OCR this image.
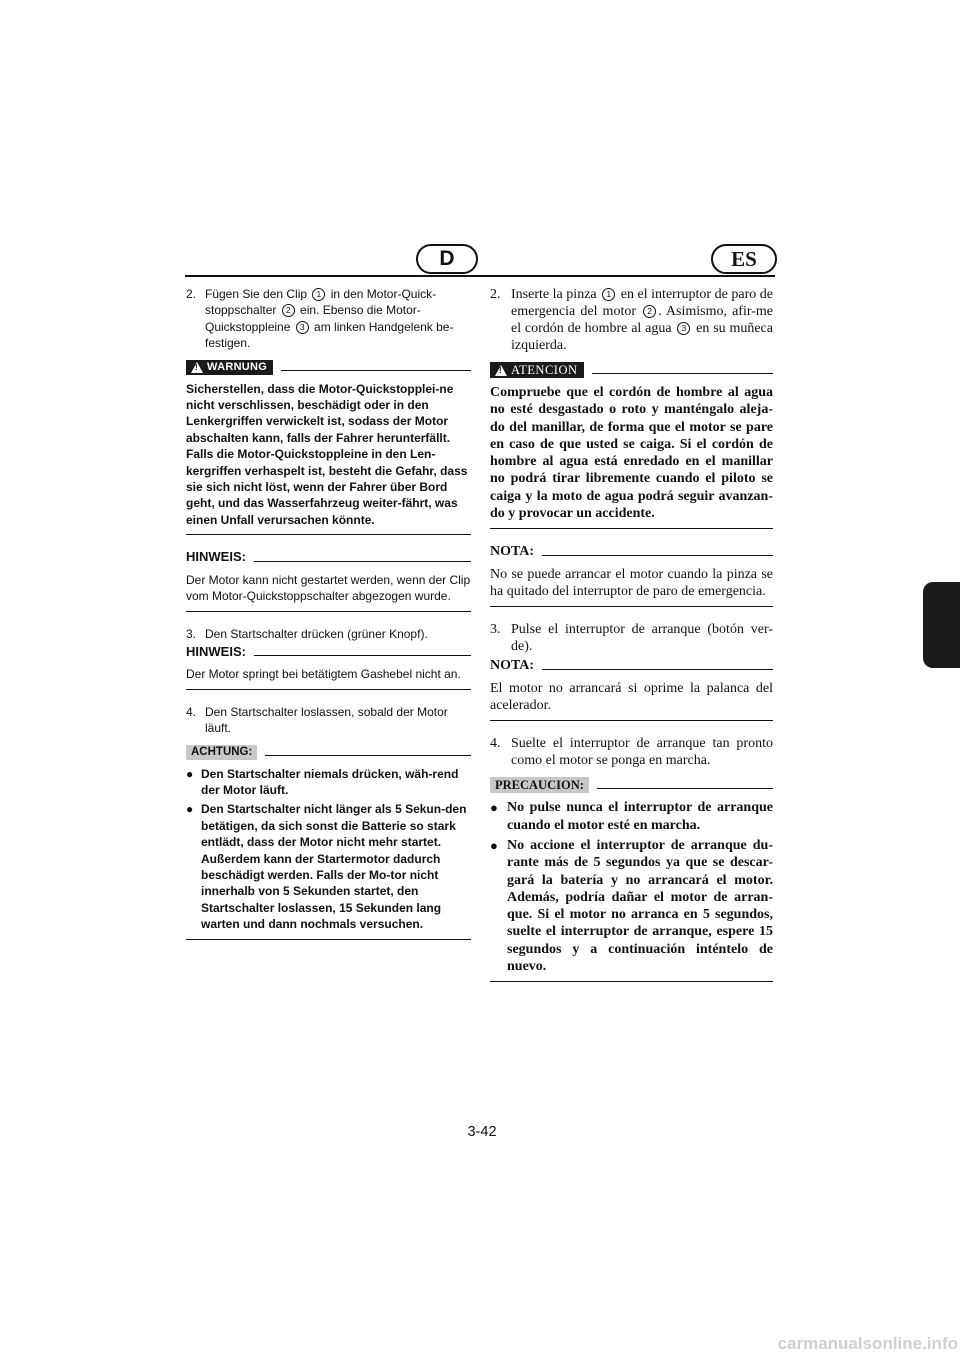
D	ES
2. Fügen Sie den Clip 1 in den Motor-Quick-stoppschalter 2 ein. Ebenso die Motor-Quickstoppleine 3 am linken Handgelenk be-festigen.
!
WARNUNG
Sicherstellen, dass die Motor-Quickstopplei-ne nicht verschlissen, beschädigt oder in den Lenkergriffen verwickelt ist, sodass der Motor abschalten kann, falls der Fahrer herunterfällt. Falls die Motor-Quickstoppleine in den Len-kergriffen verhaspelt ist, besteht die Gefahr, dass sie sich nicht löst, wenn der Fahrer über Bord geht, und das Wasserfahrzeug weiter-fährt, was einen Unfall verursachen könnte.
HINWEIS:

Der Motor kann nicht gestartet werden, wenn der Clip vom Motor-Quickstoppschalter abgezogen wurde.

3. Den Startschalter drücken (grüner Knopf).
HINWEIS:

Der Motor springt bei betätigtem Gashebel nicht an.

4. Den Startschalter loslassen, sobald der Motor läuft.
ACHTUNG:
● Den Startschalter niemals drücken, wäh-rend der Motor läuft.
● Den Startschalter nicht länger als 5 Sekun-den betätigen, da sich sonst die Batterie so stark entlädt, dass der Motor nicht mehr startet. Außerdem kann der Startermotor dadurch beschädigt werden. Falls der Mo-tor nicht innerhalb von 5 Sekunden startet, den Startschalter loslassen, 15 Sekunden lang warten und dann nochmals versuchen.
2. Inserte la pinza 1 en el interruptor de paro de emergencia del motor 2 . Asimismo, afir-me el cordón de hombre al agua 3 en su muñeca izquierda.
!
ATENCION
Compruebe que el cordón de hombre al agua no esté desgastado o roto y manténgalo aleja-do del manillar, de forma que el motor se pare en caso de que usted se caiga. Si el cordón de hombre al agua está enredado en el manillar no podrá tirar libremente cuando el piloto se caiga y la moto de agua podrá seguir avanzan-do y provocar un accidente.
NOTA:

No se puede arrancar el motor cuando la pinza se ha quitado del interruptor de paro de emergencia.

3. Pulse el interruptor de arranque (botón ver-de).
NOTA:

El motor no arrancará si oprime la palanca del acelerador.

4. Suelte el interruptor de arranque tan pronto como el motor se ponga en marcha.
PRECAUCION:
● No pulse nunca el interruptor de arranque cuando el motor esté en marcha.
● No accione el interruptor de arranque du-rante más de 5 segundos ya que se descar-gará la batería y no arrancará el motor. Además, podría dañar el motor de arran-que. Si el motor no arranca en 5 segundos, suelte el interruptor de arranque, espere 15 segundos y a continuación inténtelo de nuevo.
3-42
carmanualsonline.info
